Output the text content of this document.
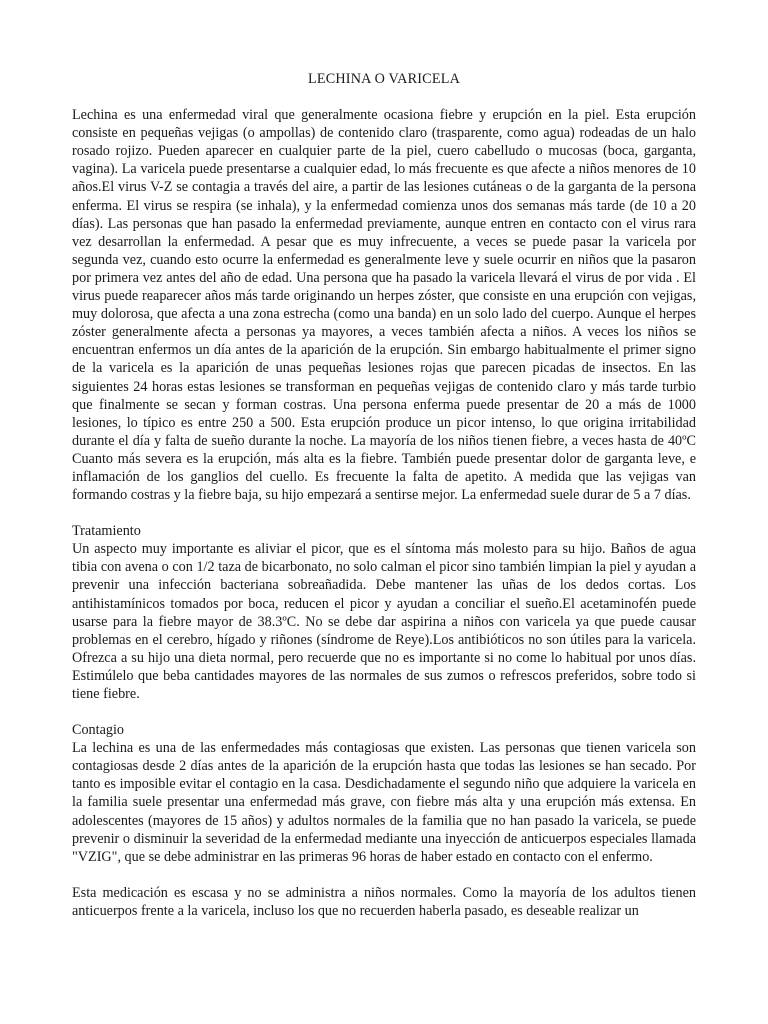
LECHINA O VARICELA
Lechina es una enfermedad viral que generalmente ocasiona fiebre y erupción en la piel. Esta erupción consiste en pequeñas vejigas (o ampollas) de contenido claro (trasparente, como agua) rodeadas de un halo rosado rojizo. Pueden aparecer en cualquier parte de la piel, cuero cabelludo o mucosas (boca, garganta, vagina). La varicela puede presentarse a cualquier edad, lo más frecuente es que afecte a niños menores de 10 años.El virus V-Z se contagia a través del aire, a partir de las lesiones cutáneas o de la garganta de la persona enferma. El virus se respira (se inhala), y la enfermedad comienza unos dos semanas más tarde (de 10 a 20 días). Las personas que han pasado la enfermedad previamente, aunque entren en contacto con el virus rara vez desarrollan la enfermedad. A pesar que es muy infrecuente, a veces se puede pasar la varicela por segunda vez, cuando esto ocurre la enfermedad es generalmente leve y suele ocurrir en niños que la pasaron por primera vez antes del año de edad. Una persona que ha pasado la varicela llevará el virus de por vida . El virus puede reaparecer años más tarde originando un herpes zóster, que consiste en una erupción con vejigas, muy dolorosa, que afecta a una zona estrecha (como una banda) en un solo lado del cuerpo. Aunque el herpes zóster generalmente afecta a personas ya mayores, a veces también afecta a niños. A veces los niños se encuentran enfermos un día antes de la aparición de la erupción. Sin embargo habitualmente el primer signo de la varicela es la aparición de unas pequeñas lesiones rojas que parecen picadas de insectos. En las siguientes 24 horas estas lesiones se transforman en pequeñas vejigas de contenido claro y más tarde turbio que finalmente se secan y forman costras. Una persona enferma puede presentar de 20 a más de 1000 lesiones, lo típico es entre 250 a 500. Esta erupción produce un picor intenso, lo que origina irritabilidad durante el día y falta de sueño durante la noche. La mayoría de los niños tienen fiebre, a veces hasta de 40ºC Cuanto más severa es la erupción, más alta es la fiebre. También puede presentar dolor de garganta leve, e inflamación de los ganglios del cuello. Es frecuente la falta de apetito. A medida que las vejigas van formando costras y la fiebre baja, su hijo empezará a sentirse mejor. La enfermedad suele durar de 5 a 7 días.
Tratamiento
Un aspecto muy importante es aliviar el picor, que es el síntoma más molesto para su hijo. Baños de agua tibia con avena o con 1/2 taza de bicarbonato, no solo calman el picor sino también limpian la piel y ayudan a prevenir una infección bacteriana sobreañadida. Debe mantener las uñas de los dedos cortas. Los antihistamínicos tomados por boca, reducen el picor y ayudan a conciliar el sueño.El acetaminofén puede usarse para la fiebre mayor de 38.3ºC. No se debe dar aspirina a niños con varicela ya que puede causar problemas en el cerebro, hígado y riñones (síndrome de Reye).Los antibióticos no son útiles para la varicela. Ofrezca a su hijo una dieta normal, pero recuerde que no es importante si no come lo habitual por unos días. Estimúlelo que beba cantidades mayores de las normales de sus zumos o refrescos preferidos, sobre todo si tiene fiebre.
Contagio
La lechina es una de las enfermedades más contagiosas que existen. Las personas que tienen varicela son contagiosas desde 2 días antes de la aparición de la erupción hasta que todas las lesiones se han secado. Por tanto es imposible evitar el contagio en la casa. Desdichadamente el segundo niño que adquiere la varicela en la familia suele presentar una enfermedad más grave, con fiebre más alta y una erupción más extensa. En adolescentes (mayores de 15 años) y adultos normales de la familia que no han pasado la varicela, se puede prevenir o disminuir la severidad de la enfermedad mediante una inyección de anticuerpos especiales llamada "VZIG", que se debe administrar en las primeras 96 horas de haber estado en contacto con el enfermo.
Esta medicación es escasa y no se administra a niños normales. Como la mayoría de los adultos tienen anticuerpos frente a la varicela, incluso los que no recuerden haberla pasado, es deseable realizar un
